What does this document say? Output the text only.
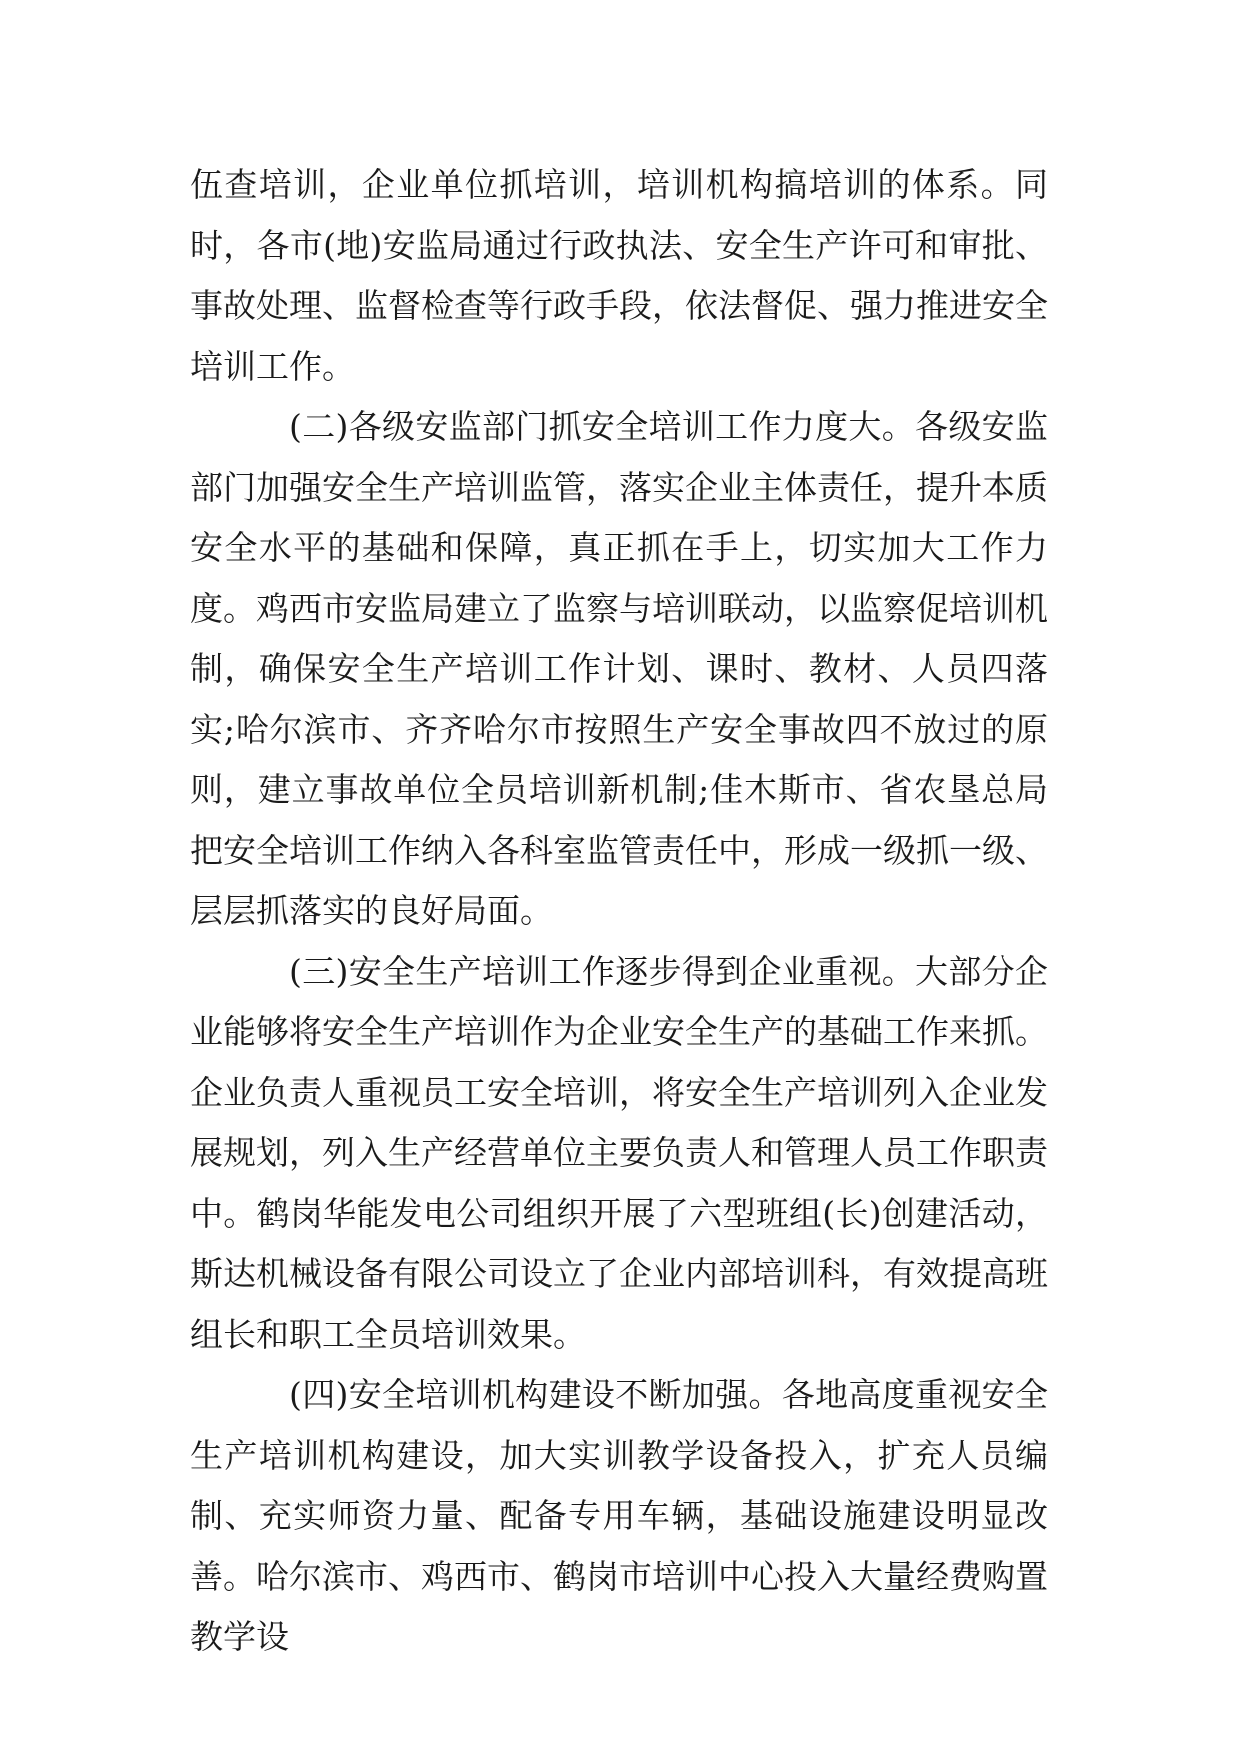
伍查培训，企业单位抓培训，培训机构搞培训的体系。同时，各市(地)安监局通过行政执法、安全生产许可和审批、事故处理、监督检查等行政手段，依法督促、强力推进安全培训工作。

(二)各级安监部门抓安全培训工作力度大。各级安监部门加强安全生产培训监管，落实企业主体责任，提升本质安全水平的基础和保障，真正抓在手上，切实加大工作力度。鸡西市安监局建立了监察与培训联动，以监察促培训机制，确保安全生产培训工作计划、课时、教材、人员四落实;哈尔滨市、齐齐哈尔市按照生产安全事故四不放过的原则，建立事故单位全员培训新机制;佳木斯市、省农垦总局把安全培训工作纳入各科室监管责任中，形成一级抓一级、层层抓落实的良好局面。

(三)安全生产培训工作逐步得到企业重视。大部分企业能够将安全生产培训作为企业安全生产的基础工作来抓。企业负责人重视员工安全培训，将安全生产培训列入企业发展规划，列入生产经营单位主要负责人和管理人员工作职责中。鹤岗华能发电公司组织开展了六型班组(长)创建活动，斯达机械设备有限公司设立了企业内部培训科，有效提高班组长和职工全员培训效果。

(四)安全培训机构建设不断加强。各地高度重视安全生产培训机构建设，加大实训教学设备投入，扩充人员编制、充实师资力量、配备专用车辆，基础设施建设明显改善。哈尔滨市、鸡西市、鹤岗市培训中心投入大量经费购置教学设
